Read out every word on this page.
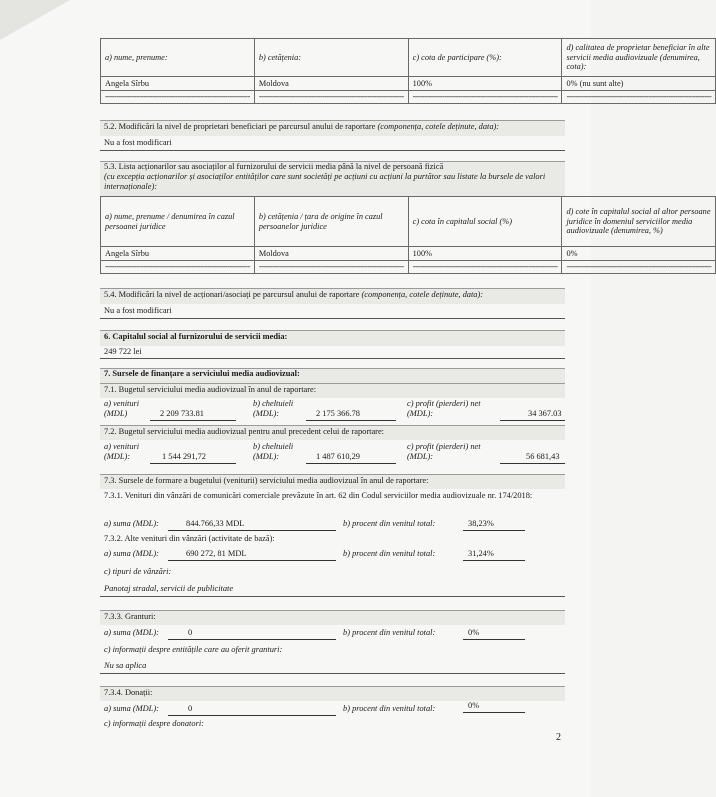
a) nume, prenume:	b) cetățenia:	c) cota de participare (%):	d) calitatea de proprietar beneficiar în alte servicii media audiovizuale (denumirea, cota):
Angela Sîrbu	Moldova	100%	0% (nu sunt alte)
----------------------------------------------------------------	----------------------------------------------------------------	----------------------------------------------------------------	----------------------------------------------------------------
5.2. Modificări la nivel de proprietari beneficiari pe parcursul anului de raportare (componența, cotele deținute, data):
Nu a fost modificari
5.3. Lista acționarilor sau asociaților al furnizorului de servicii media până la nivel de persoană fizică
(cu excepția acționarilor și asociaților entităților care sunt societăți pe acțiuni cu acțiuni la purtător sau listate la bursele de valori internaționale):
a) nume, prenume / denumirea în cazul persoanei juridice	b) cetățenia / țara de origine în cazul persoanelor juridice	c) cota în capitalul social (%)	d) cote în capitalul social al altor persoane juridice în domeniul serviciilor media audiovizuale (denumirea, %)
Angela Sîrbu	Moldova	100%	0%
----------------------------------------------------------------	----------------------------------------------------------------	----------------------------------------------------------------	----------------------------------------------------------------
5.4. Modificări la nivel de acționari/asociați pe parcursul anului de raportare (componența, cotele deținute, data):
Nu a fost modificari
6. Capitalul social al furnizorului de servicii media:
249 722 lei
7. Sursele de finanțare a serviciului media audiovizual:
7.1. Bugetul serviciului media audiovizual în anul de raportare:
a) venituri (MDL)	2 209 733.81
b) cheltuieli (MDL):	2 175 366.78
c) profit (pierderi) net (MDL):	34 367.03
7.2. Bugetul serviciului media audiovizual pentru anul precedent celui de raportare:
a) venituri (MDL):	1 544 291,72
b) cheltuieli (MDL):	1 487 610,29
c) profit (pierderi) net (MDL):	56 681,43
7.3. Sursele de formare a bugetului (veniturii) serviciului media audiovizual în anul de raportare:
7.3.1. Venituri din vânzări de comunicări comerciale prevăzute în art. 62 din Codul serviciilor media audiovizuale nr. 174/2018:
a) suma (MDL):	844.766,33 MDL	b) procent din venitul total:	38,23%
7.3.2. Alte venituri din vânzări (activitate de bază):
a) suma (MDL):	690 272, 81 MDL	b) procent din venitul total:	31,24%
c) tipuri de vânzări:
Panotaj stradal, servicii de publicitate
7.3.3. Granturi:
a) suma (MDL):	0	b) procent din venitul total:	0%
c) informații despre entitățile care au oferit granturi:
Nu sa aplica
7.3.4. Donații:
a) suma (MDL):	0	b) procent din venitul total:	0%
c) informații despre donatori:
2
